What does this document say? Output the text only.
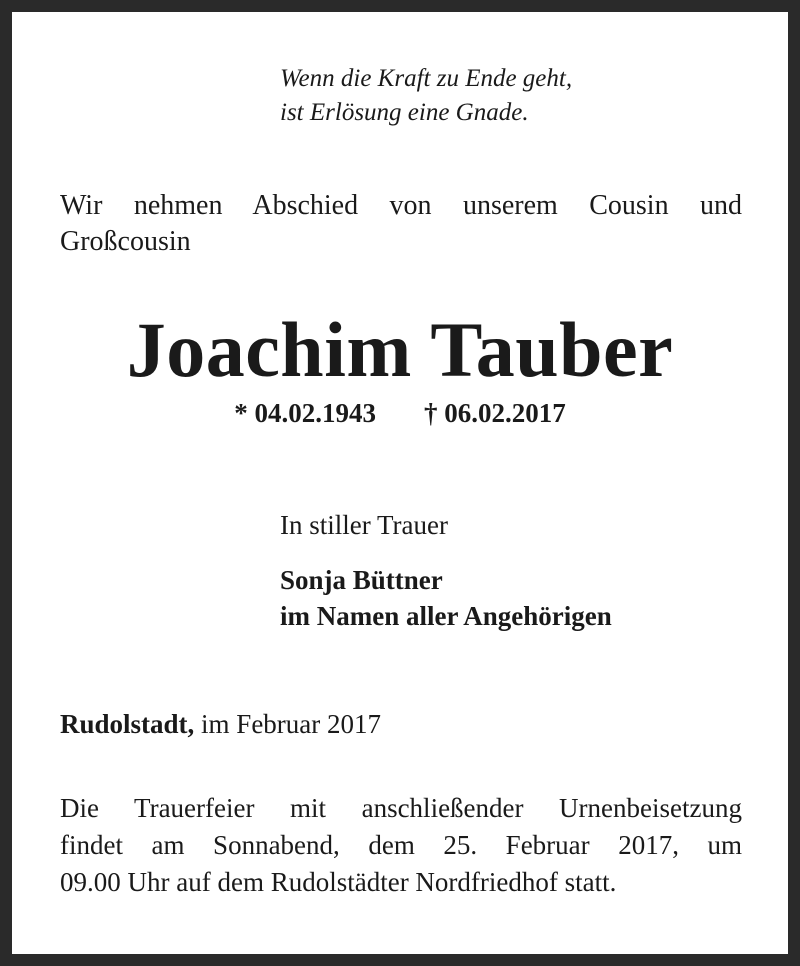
Wenn die Kraft zu Ende geht,
ist Erlösung eine Gnade.
Wir nehmen Abschied von unserem Cousin und
Großcousin
Joachim Tauber
* 04.02.1943 † 06.02.2017
In stiller Trauer
Sonja Büttner
im Namen aller Angehörigen
Rudolstadt, im Februar 2017
Die Trauerfeier mit anschließender Urnenbeisetzung
findet am Sonnabend, dem 25. Februar 2017, um
09.00 Uhr auf dem Rudolstädter Nordfriedhof statt.
